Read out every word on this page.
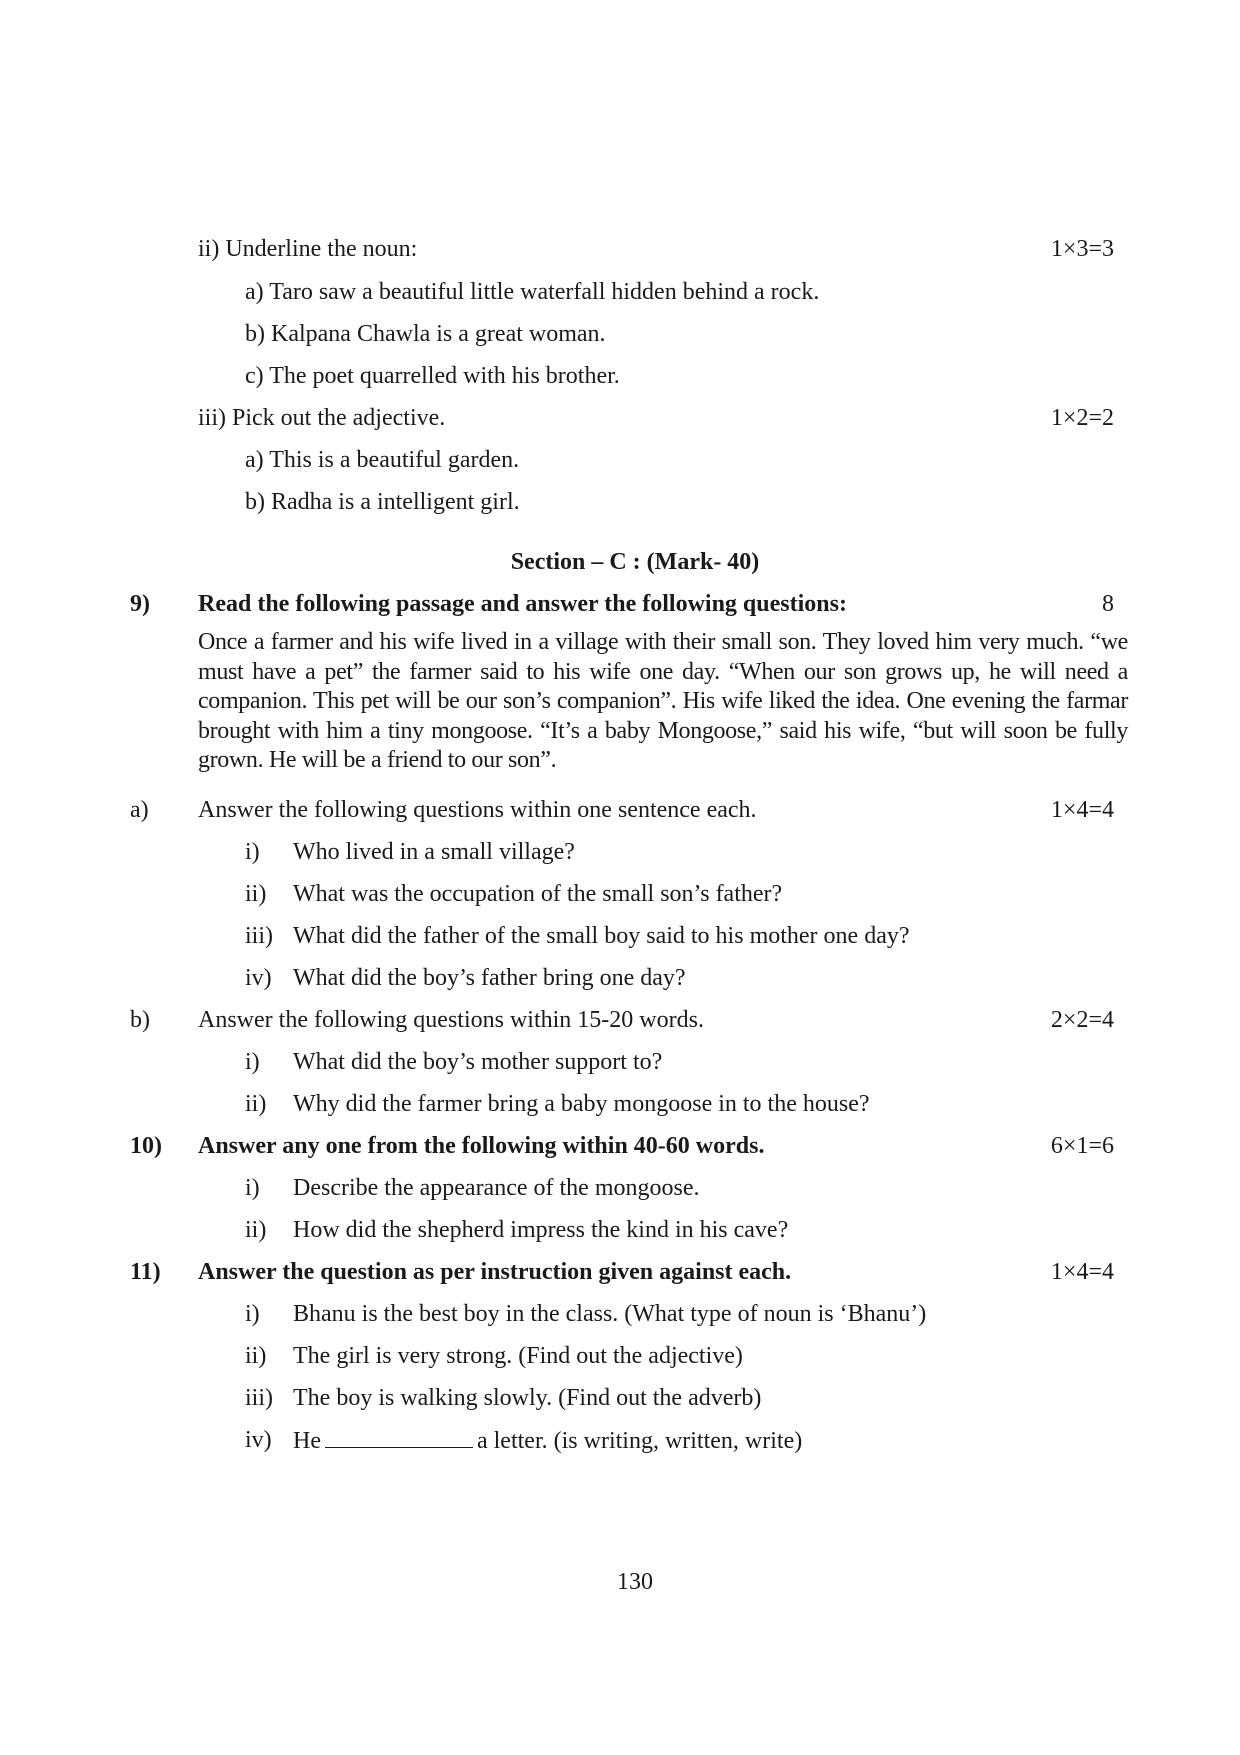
ii) Underline the noun:	1×3=3
a) Taro saw a beautiful little waterfall hidden behind a rock.
b) Kalpana Chawla is a great woman.
c) The poet quarrelled with his brother.
iii) Pick out the adjective.	1×2=2
a) This is a beautiful garden.
b) Radha is a intelligent girl.
Section – C : (Mark- 40)
9)	Read the following passage and answer the following questions:	8
Once a farmer and his wife lived in a village with their small son. They loved him very much. “we must have a pet” the farmer said to his wife one day. “When our son grows up, he will need a companion. This pet will be our son’s companion”. His wife liked the idea. One evening the farmar brought with him a tiny mongoose. “It’s a baby Mongoose,” said his wife, “but will soon be fully grown. He will be a friend to our son”.
a)	Answer the following questions within one sentence each.	1×4=4
i)	Who lived in a small village?
ii)	What was the occupation of the small son’s father?
iii) What did the father of the small boy said to his mother one day?
iv) What did the boy’s father bring one day?
b)	Answer the following questions within 15-20 words.	2×2=4
i)	What did the boy’s mother support to?
ii)	Why did the farmer bring a baby mongoose in to the house?
10)	Answer any one from the following within 40-60 words.	6×1=6
i)	Describe the appearance of the mongoose.
ii)	How did the shepherd impress the kind in his cave?
11)	Answer the question as per instruction given against each.	1×4=4
i)	Bhanu is the best boy in the class. (What type of noun is ‘Bhanu’)
ii)	The girl is very strong. (Find out the adjective)
iii) The boy is walking slowly. (Find out the adverb)
iv) He	a letter. (is writing, written, write)
130
